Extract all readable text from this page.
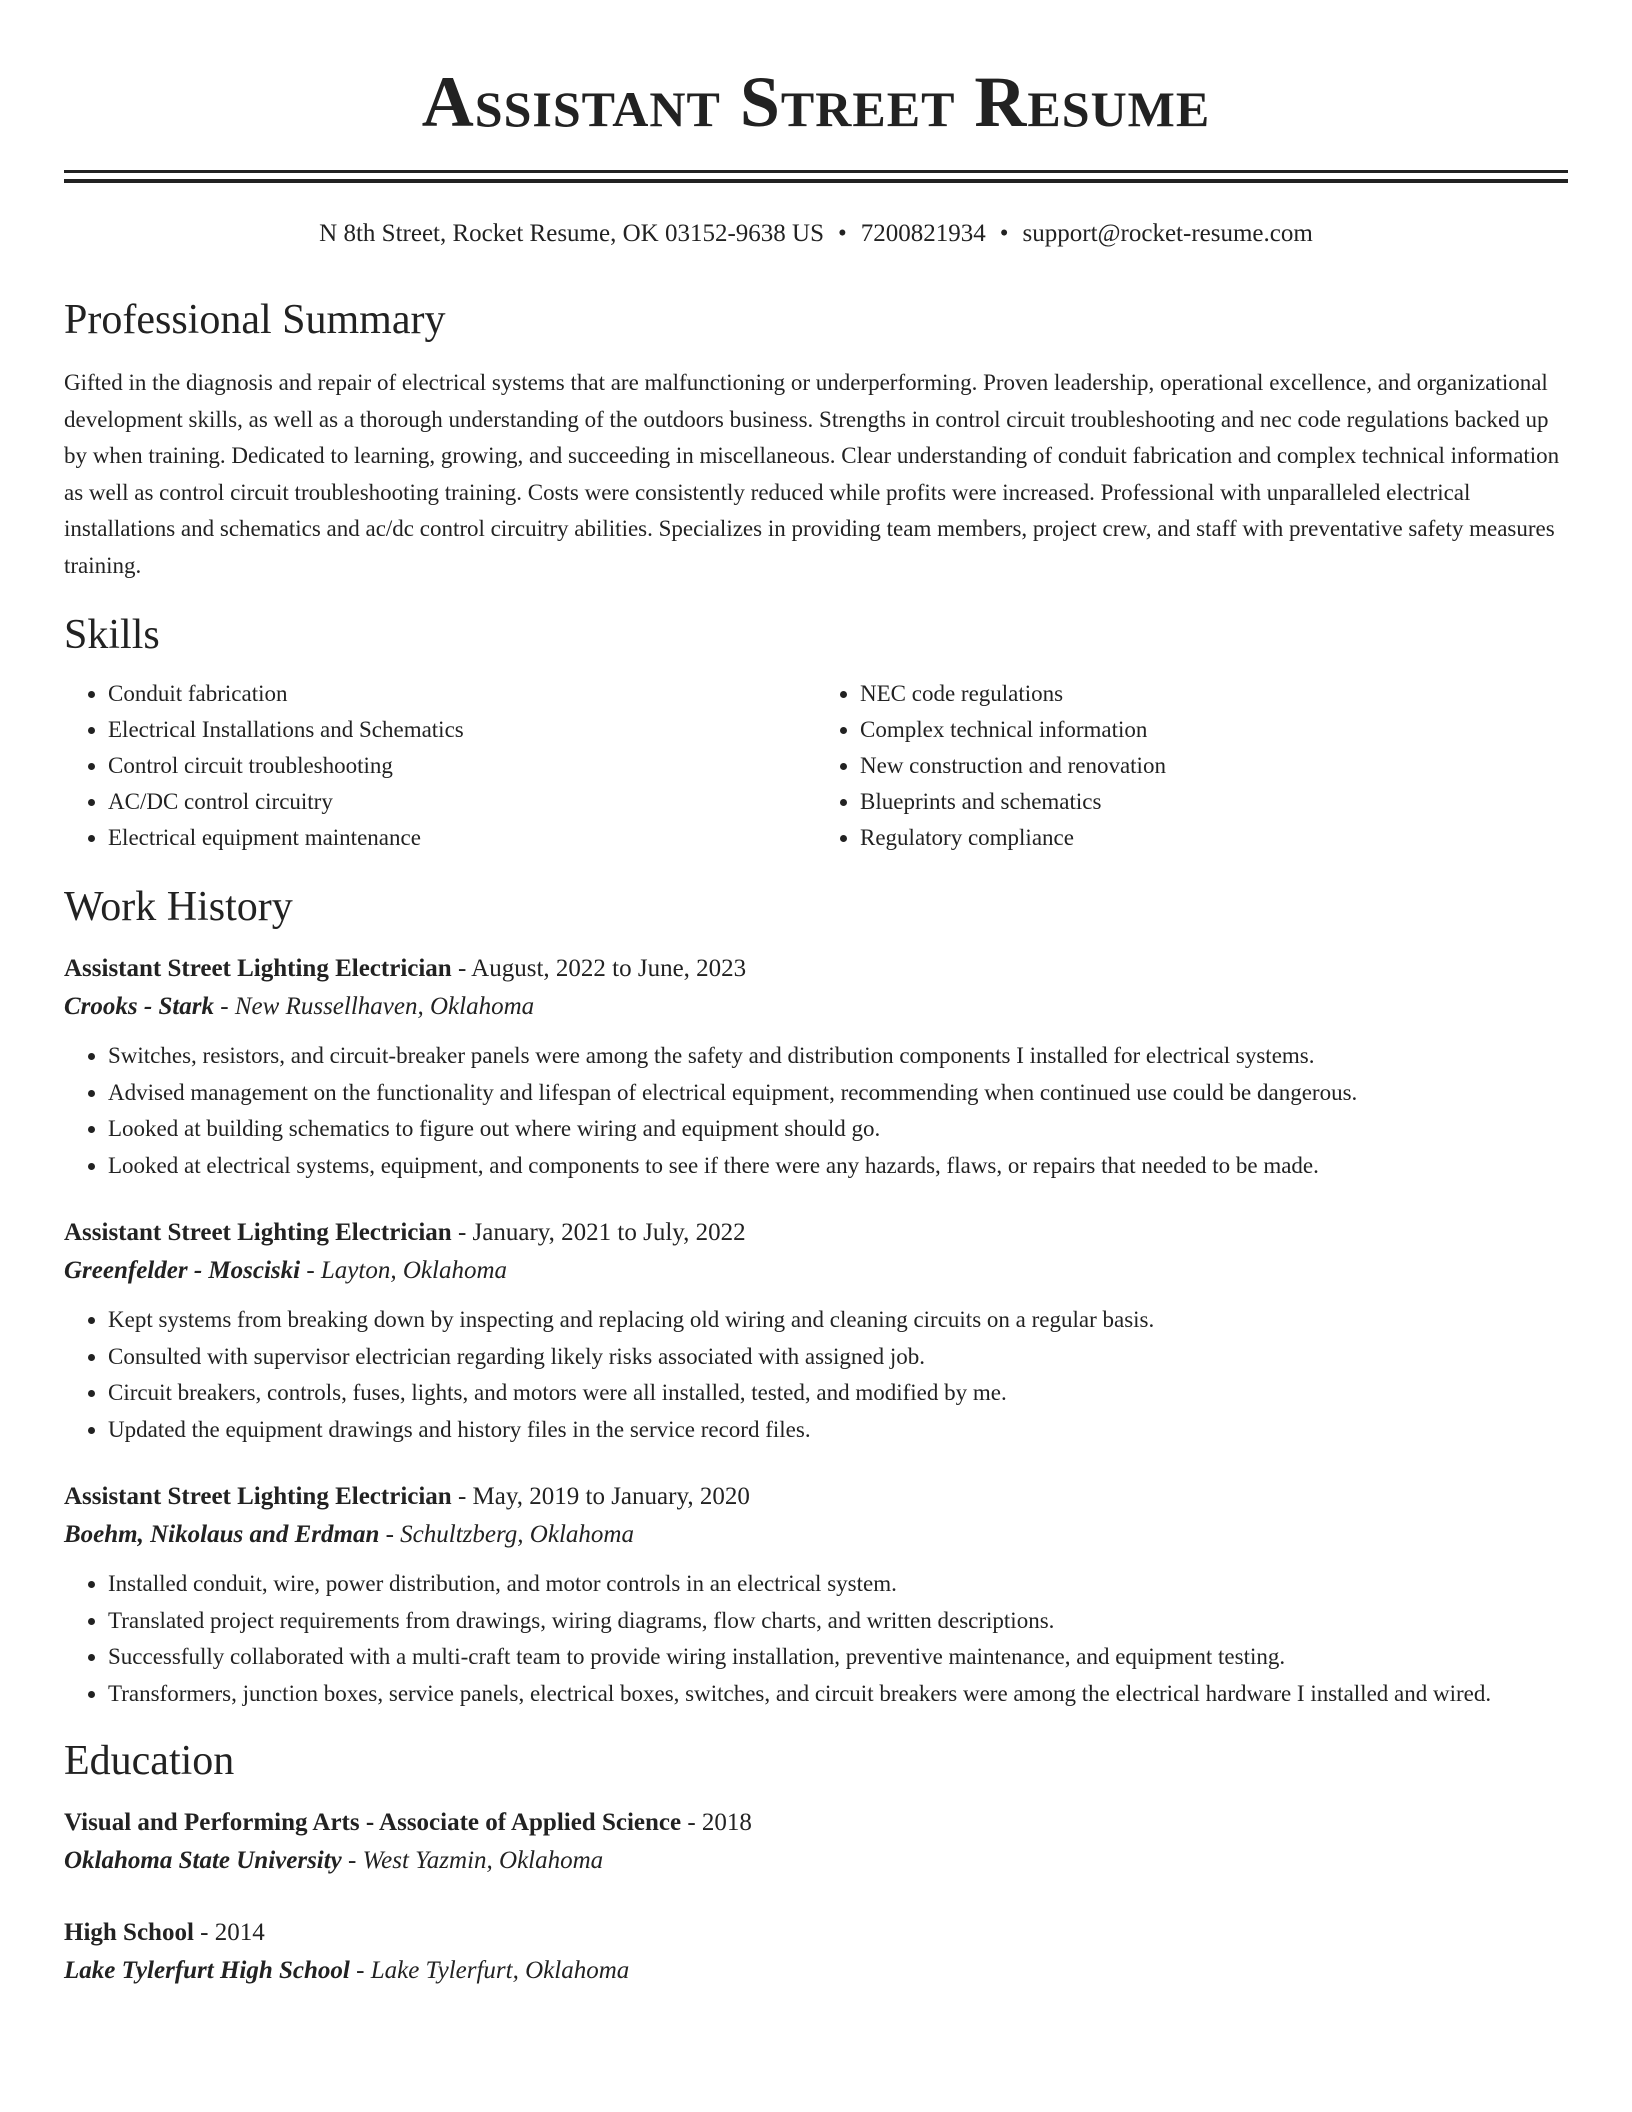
Assistant Street Resume
N 8th Street, Rocket Resume, OK 03152-9638 US • 7200821934 • support@rocket-resume.com
Professional Summary

Gifted in the diagnosis and repair of electrical systems that are malfunctioning or underperforming. Proven leadership, operational excellence, and organizational development skills, as well as a thorough understanding of the outdoors business. Strengths in control circuit troubleshooting and nec code regulations backed up by when training. Dedicated to learning, growing, and succeeding in miscellaneous. Clear understanding of conduit fabrication and complex technical information as well as control circuit troubleshooting training. Costs were consistently reduced while profits were increased. Professional with unparalleled electrical installations and schematics and ac/dc control circuitry abilities. Specializes in providing team members, project crew, and staff with preventative safety measures training.

Skills
• Conduit fabrication
• Electrical Installations and Schematics
• Control circuit troubleshooting
• AC/DC control circuitry
• Electrical equipment maintenance
• NEC code regulations
• Complex technical information
• New construction and renovation
• Blueprints and schematics
• Regulatory compliance
Work History
Assistant Street Lighting Electrician - August, 2022 to June, 2023
Crooks - Stark - New Russellhaven, Oklahoma
• Switches, resistors, and circuit-breaker panels were among the safety and distribution components I installed for electrical systems.
• Advised management on the functionality and lifespan of electrical equipment, recommending when continued use could be dangerous.
• Looked at building schematics to figure out where wiring and equipment should go.
• Looked at electrical systems, equipment, and components to see if there were any hazards, flaws, or repairs that needed to be made.
Assistant Street Lighting Electrician - January, 2021 to July, 2022
Greenfelder - Mosciski - Layton, Oklahoma
• Kept systems from breaking down by inspecting and replacing old wiring and cleaning circuits on a regular basis.
• Consulted with supervisor electrician regarding likely risks associated with assigned job.
• Circuit breakers, controls, fuses, lights, and motors were all installed, tested, and modified by me.
• Updated the equipment drawings and history files in the service record files.
Assistant Street Lighting Electrician - May, 2019 to January, 2020
Boehm, Nikolaus and Erdman - Schultzberg, Oklahoma
• Installed conduit, wire, power distribution, and motor controls in an electrical system.
• Translated project requirements from drawings, wiring diagrams, flow charts, and written descriptions.
• Successfully collaborated with a multi-craft team to provide wiring installation, preventive maintenance, and equipment testing.
• Transformers, junction boxes, service panels, electrical boxes, switches, and circuit breakers were among the electrical hardware I installed and wired.
Education
Visual and Performing Arts - Associate of Applied Science - 2018
Oklahoma State University - West Yazmin, Oklahoma
High School - 2014
Lake Tylerfurt High School - Lake Tylerfurt, Oklahoma
